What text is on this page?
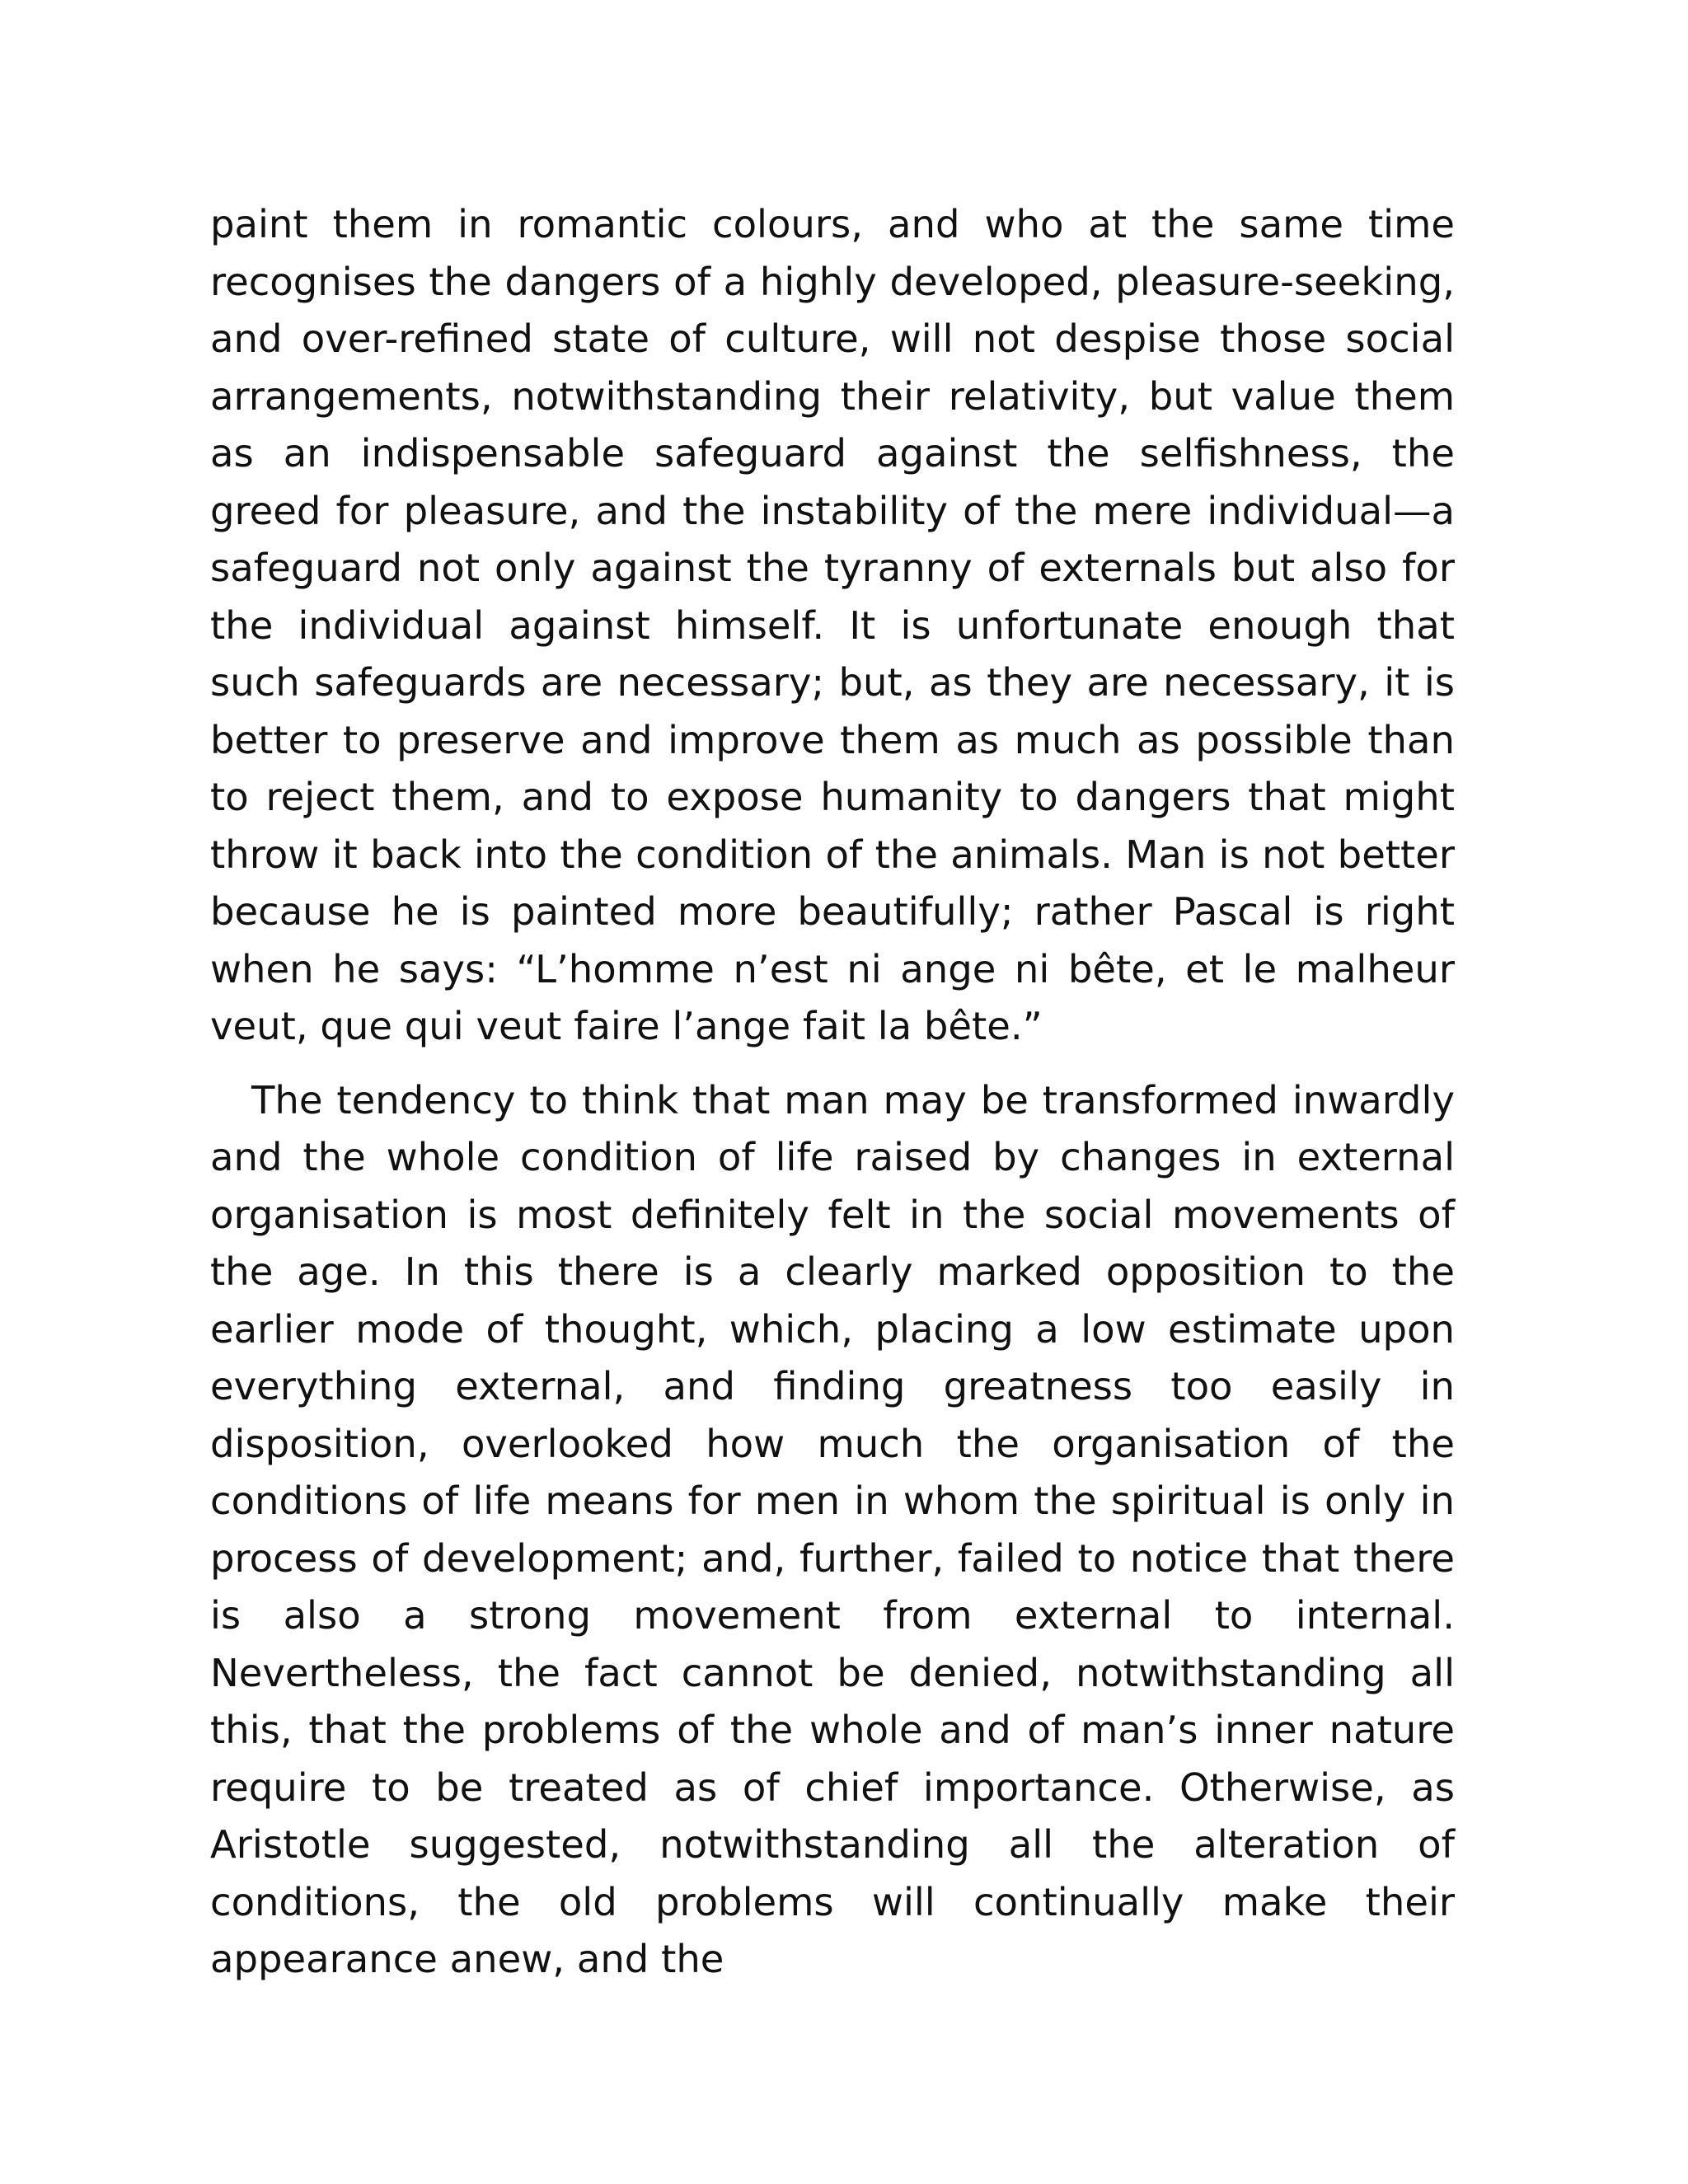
paint them in romantic colours, and who at the same time recognises the dangers of a highly developed, pleasure-seeking, and over-refined state of culture, will not despise those social arrangements, notwithstanding their relativity, but value them as an indispensable safeguard against the selfishness, the greed for pleasure, and the instability of the mere individual—a safeguard not only against the tyranny of externals but also for the individual against himself. It is unfortunate enough that such safeguards are necessary; but, as they are necessary, it is better to preserve and improve them as much as possible than to reject them, and to expose humanity to dangers that might throw it back into the condition of the animals. Man is not better because he is painted more beautifully; rather Pascal is right when he says: “L’homme n’est ni ange ni bête, et le malheur veut, que qui veut faire l’ange fait la bête.”

The tendency to think that man may be transformed inwardly and the whole condition of life raised by changes in external organisation is most definitely felt in the social movements of the age. In this there is a clearly marked opposition to the earlier mode of thought, which, placing a low estimate upon everything external, and finding greatness too easily in disposition, overlooked how much the organisation of the conditions of life means for men in whom the spiritual is only in process of development; and, further, failed to notice that there is also a strong movement from external to internal. Nevertheless, the fact cannot be denied, notwithstanding all this, that the problems of the whole and of man’s inner nature require to be treated as of chief importance. Otherwise, as Aristotle suggested, notwithstanding all the alteration of conditions, the old problems will continually make their appearance anew, and the
